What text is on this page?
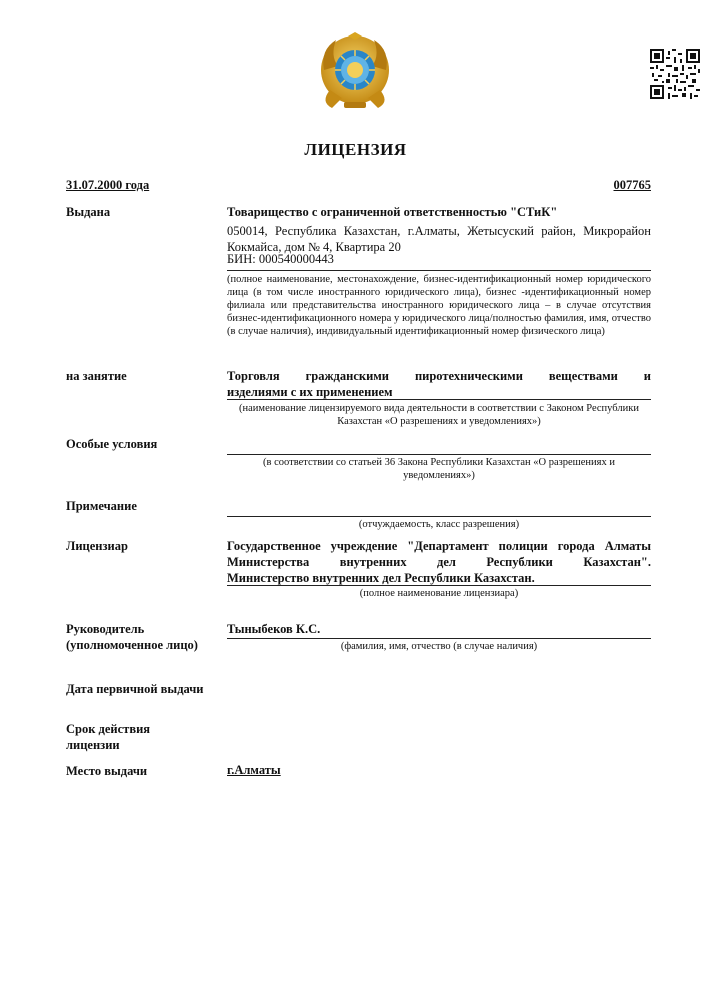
ЛИЦЕНЗИЯ
31.07.2000 года	007765
Выдана	Товарищество с ограниченной ответственностью "СТиК"
050014, Республика Казахстан, г.Алматы, Жетысуский район, Микрорайон Кокмайса, дом № 4, Квартира 20
БИН: 000540000443
(полное наименование, местонахождение, бизнес-идентификационный номер юридического лица (в том числе иностранного юридического лица), бизнес -идентификационный номер филиала или представительства иностранного юридического лица – в случае отсутствия бизнес-идентификационного номера у юридического лица/полностью фамилия, имя, отчество (в случае наличия), индивидуальный идентификационный номер физического лица)
на занятие	Торговля гражданскими пиротехническими веществами и
изделиями с их применением
(наименование лицензируемого вида деятельности в соответствии с Законом Республики Казахстан «О разрешениях и уведомлениях»)
Особые условия
(в соответствии со статьей 36 Закона Республики Казахстан «О разрешениях и уведомлениях»)
Примечание
(отчуждаемость, класс разрешения)
Лицензиар	Государственное учреждение "Департамент полиции города Алматы
Министерства внутренних дел Республики Казахстан".
Министерство внутренних дел Республики Казахстан.
(полное наименование лицензиара)
Руководитель
(уполномоченное лицо)
Тыныбеков К.С.
(фамилия, имя, отчество (в случае наличия)
Дата первичной выдачи
Срок действия
лицензии
Место выдачи	г.Алматы
